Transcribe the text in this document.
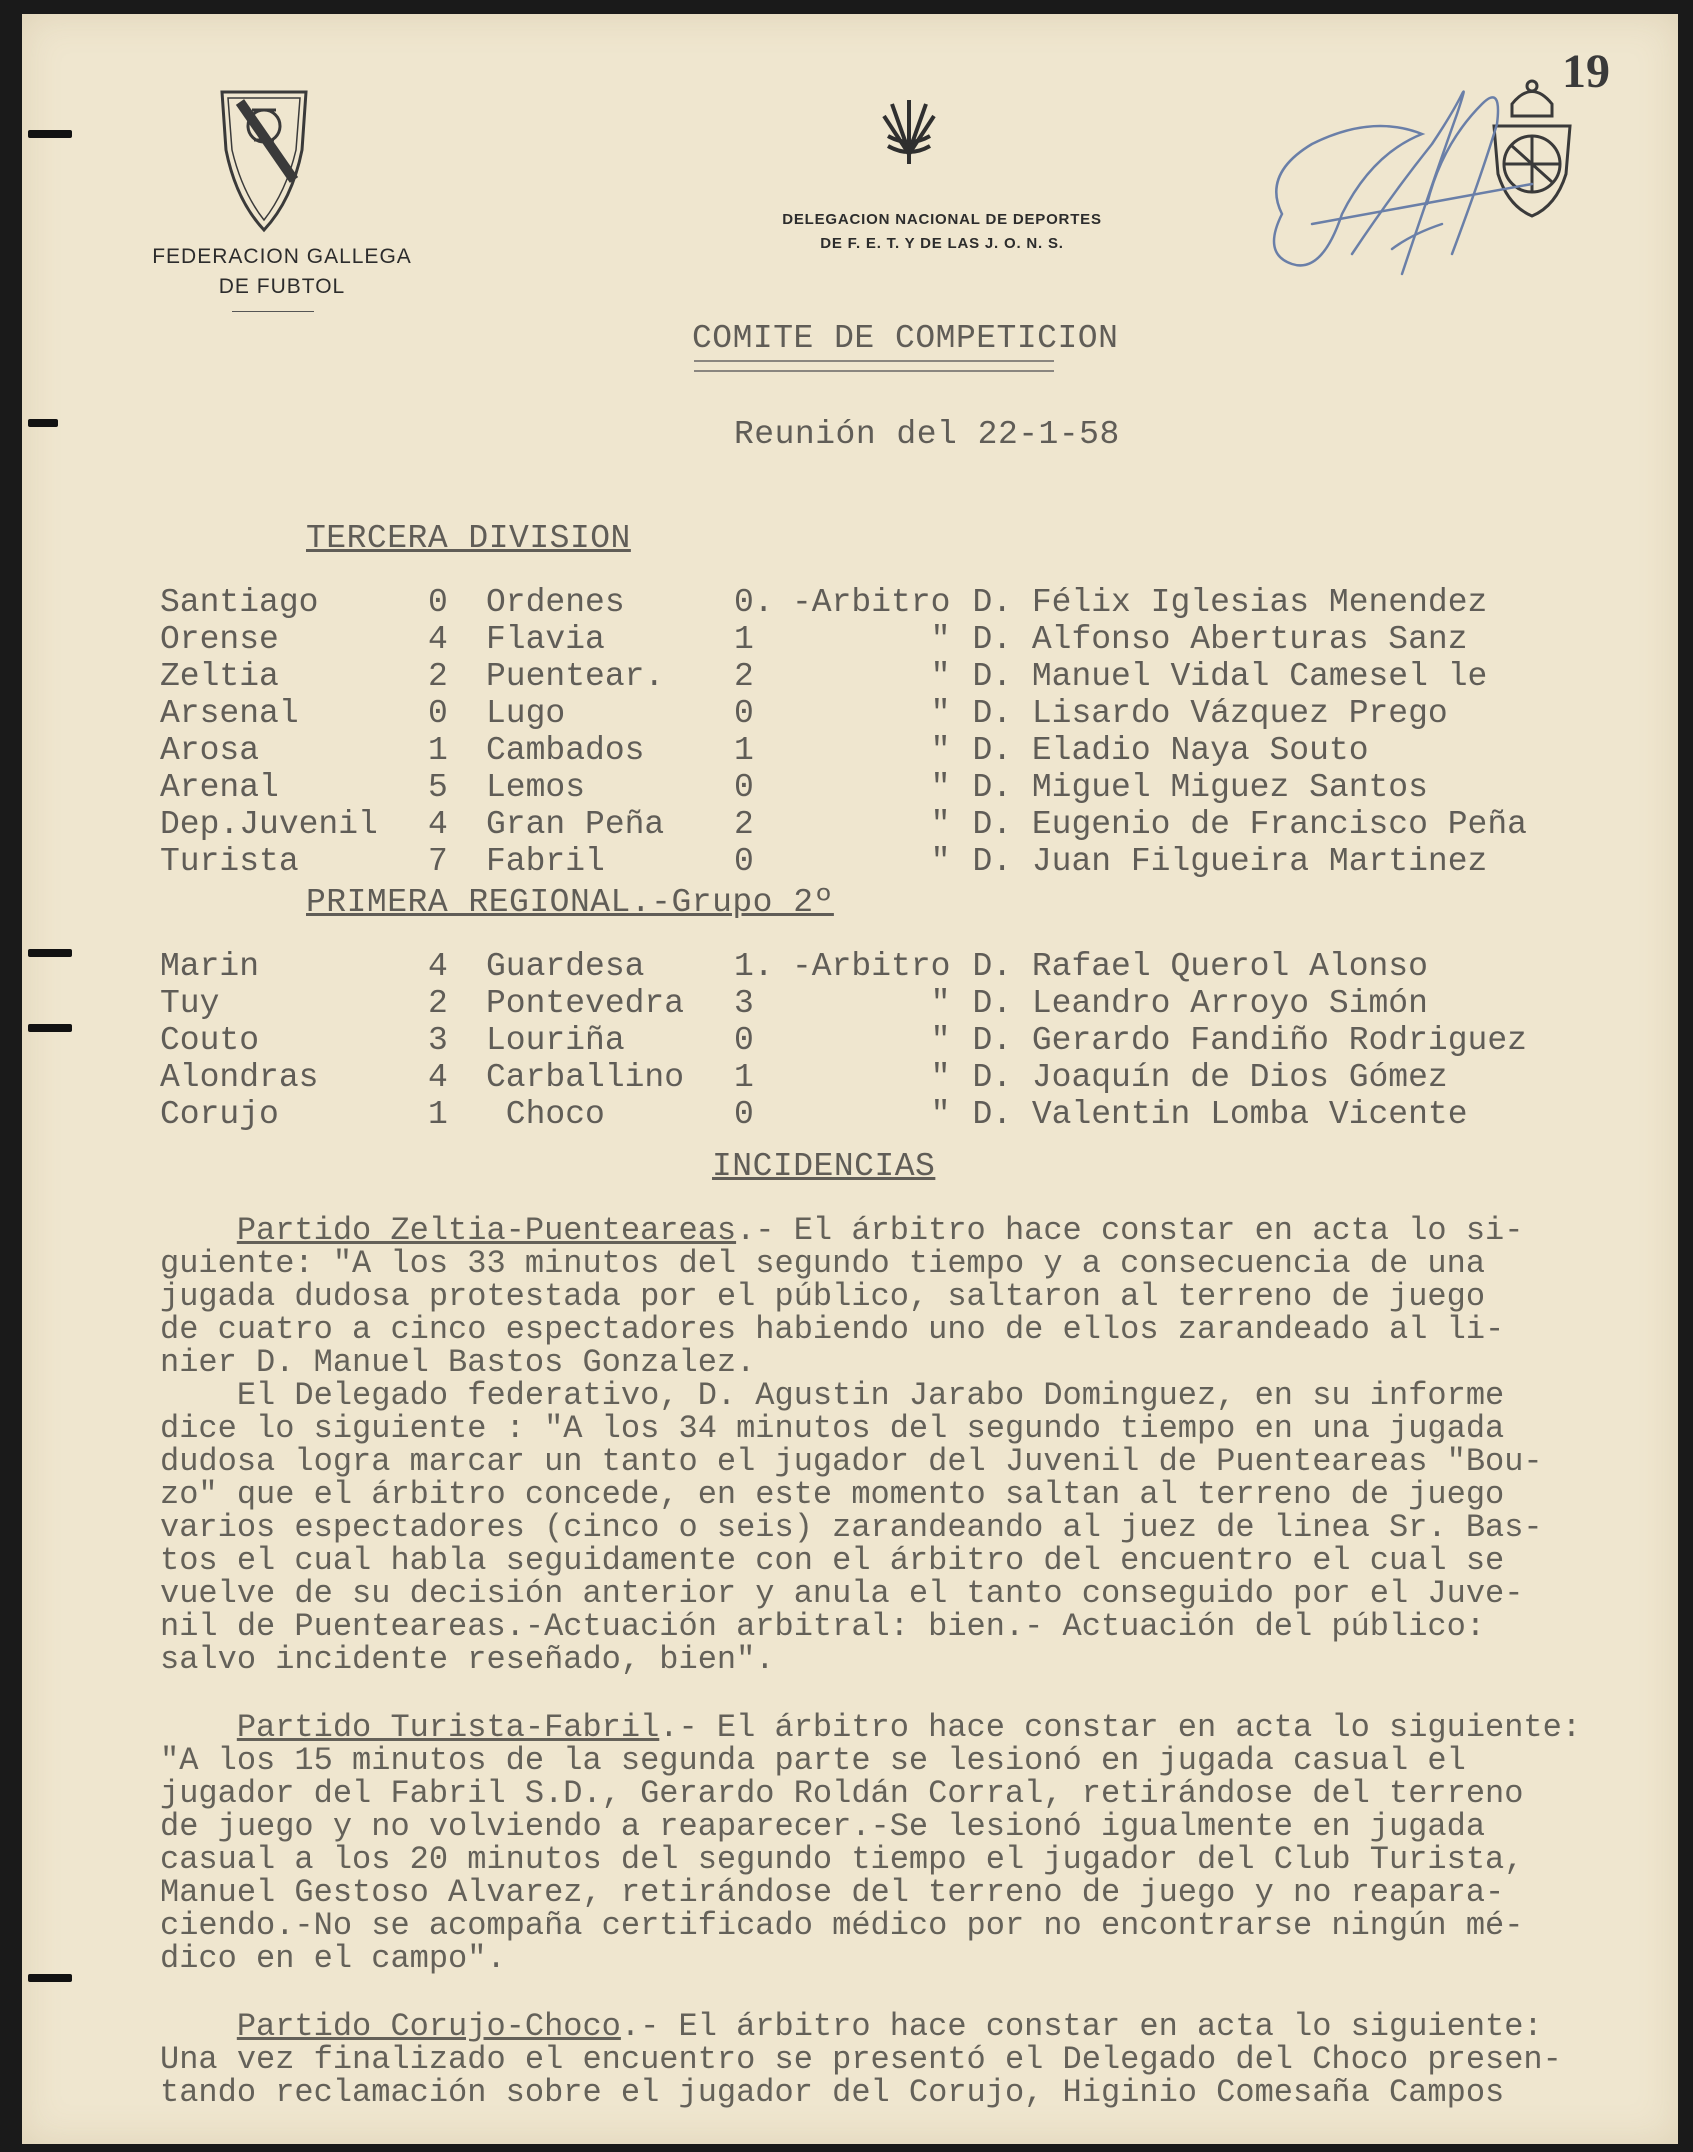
FEDERACION GALLEGA
DE FUBTOL
DELEGACION NACIONAL DE DEPORTES
DE F. E. T. Y DE LAS J. O. N. S.
19
COMITE DE COMPETICION
Reunión del 22-1-58
TERCERA DIVISION
Santiago	0	Ordenes	0.	-Arbitro	D. Félix Iglesias Menendez
Orense	4	Flavia	1	"	D. Alfonso Aberturas Sanz
Zeltia	2	Puentear.	2	"	D. Manuel Vidal Camesel le
Arsenal	0	Lugo	0	"	D. Lisardo Vázquez Prego
Arosa	1	Cambados	1	"	D. Eladio Naya Souto
Arenal	5	Lemos	0	"	D. Miguel Miguez Santos
Dep.Juvenil	4	Gran Peña	2	"	D. Eugenio de Francisco Peña
Turista	7	Fabril	0	"	D. Juan Filgueira Martinez
PRIMERA REGIONAL.-Grupo 2º
Marin	4	Guardesa	1.	-Arbitro	D. Rafael Querol Alonso
Tuy	2	Pontevedra	3	"	D. Leandro Arroyo Simón
Couto	3	Louriña	0	"	D. Gerardo Fandiño Rodriguez
Alondras	4	Carballino	1	"	D. Joaquín de Dios Gómez
Corujo	1	Choco	0	"	D. Valentin Lomba Vicente
INCIDENCIAS
Partido Zeltia-Puenteareas.- El árbitro hace constar en acta lo si-
guiente: "A los 33 minutos del segundo tiempo y a consecuencia de una
jugada dudosa protestada por el público, saltaron al terreno de juego
de cuatro a cinco espectadores habiendo uno de ellos zarandeado al li-
nier D. Manuel Bastos Gonzalez.
El Delegado federativo, D. Agustin Jarabo Dominguez, en su informe
dice lo siguiente : "A los 34 minutos del segundo tiempo en una jugada
dudosa logra marcar un tanto el jugador del Juvenil de Puenteareas "Bou-
zo" que el árbitro concede, en este momento saltan al terreno de juego
varios espectadores (cinco o seis) zarandeando al juez de linea Sr. Bas-
tos el cual habla seguidamente con el árbitro del encuentro el cual se
vuelve de su decisión anterior y anula el tanto conseguido por el Juve-
nil de Puenteareas.-Actuación arbitral: bien.- Actuación del público:
salvo incidente reseñado, bien".
Partido Turista-Fabril.- El árbitro hace constar en acta lo siguiente:
"A los 15 minutos de la segunda parte se lesionó en jugada casual el
jugador del Fabril S.D., Gerardo Roldán Corral, retirándose del terreno
de juego y no volviendo a reaparecer.-Se lesionó igualmente en jugada
casual a los 20 minutos del segundo tiempo el jugador del Club Turista,
Manuel Gestoso Alvarez, retirándose del terreno de juego y no reapara-
ciendo.-No se acompaña certificado médico por no encontrarse ningún mé-
dico en el campo".
Partido Corujo-Choco.- El árbitro hace constar en acta lo siguiente:
Una vez finalizado el encuentro se presentó el Delegado del Choco presen-
tando reclamación sobre el jugador del Corujo, Higinio Comesaña Campos
